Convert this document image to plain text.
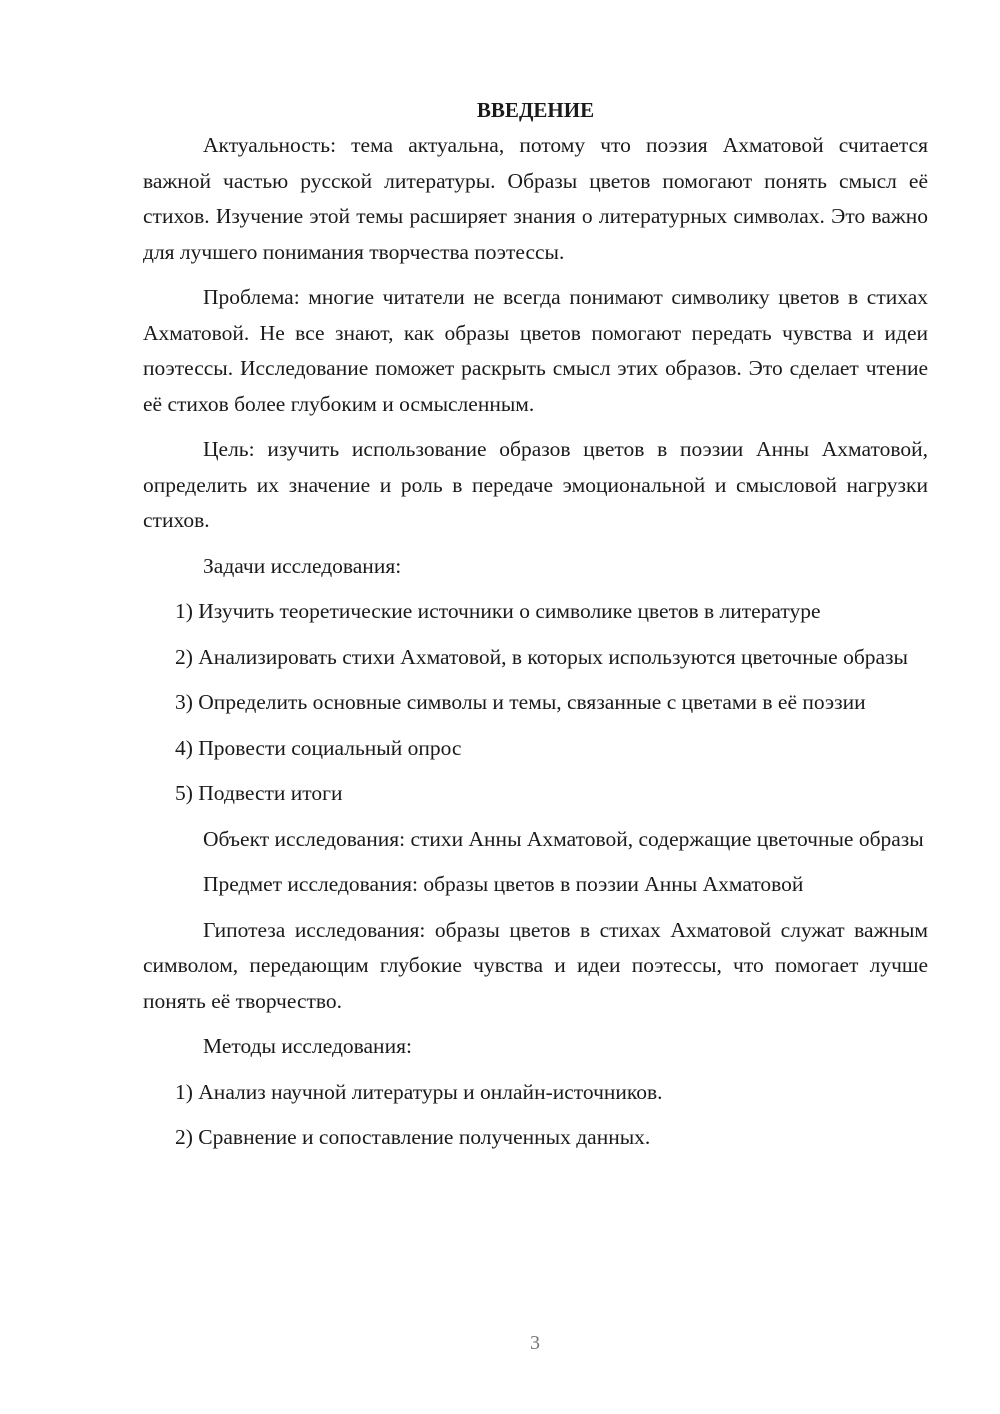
ВВЕДЕНИЕ
Актуальность: тема актуальна, потому что поэзия Ахматовой считается важной частью русской литературы. Образы цветов помогают понять смысл её стихов. Изучение этой темы расширяет знания о литературных символах. Это важно для лучшего понимания творчества поэтессы.
Проблема: многие читатели не всегда понимают символику цветов в стихах Ахматовой. Не все знают, как образы цветов помогают передать чувства и идеи поэтессы. Исследование поможет раскрыть смысл этих образов. Это сделает чтение её стихов более глубоким и осмысленным.
Цель: изучить использование образов цветов в поэзии Анны Ахматовой, определить их значение и роль в передаче эмоциональной и смысловой нагрузки стихов.
Задачи исследования:
1) Изучить теоретические источники о символике цветов в литературе
2) Анализировать стихи Ахматовой, в которых используются цветочные образы
3) Определить основные символы и темы, связанные с цветами в её поэзии
4) Провести социальный опрос
5) Подвести итоги
Объект исследования: стихи Анны Ахматовой, содержащие цветочные образы
Предмет исследования: образы цветов в поэзии Анны Ахматовой
Гипотеза исследования: образы цветов в стихах Ахматовой служат важным символом, передающим глубокие чувства и идеи поэтессы, что помогает лучше понять её творчество.
Методы исследования:
1) Анализ научной литературы и онлайн-источников.
2) Сравнение и сопоставление полученных данных.
3
